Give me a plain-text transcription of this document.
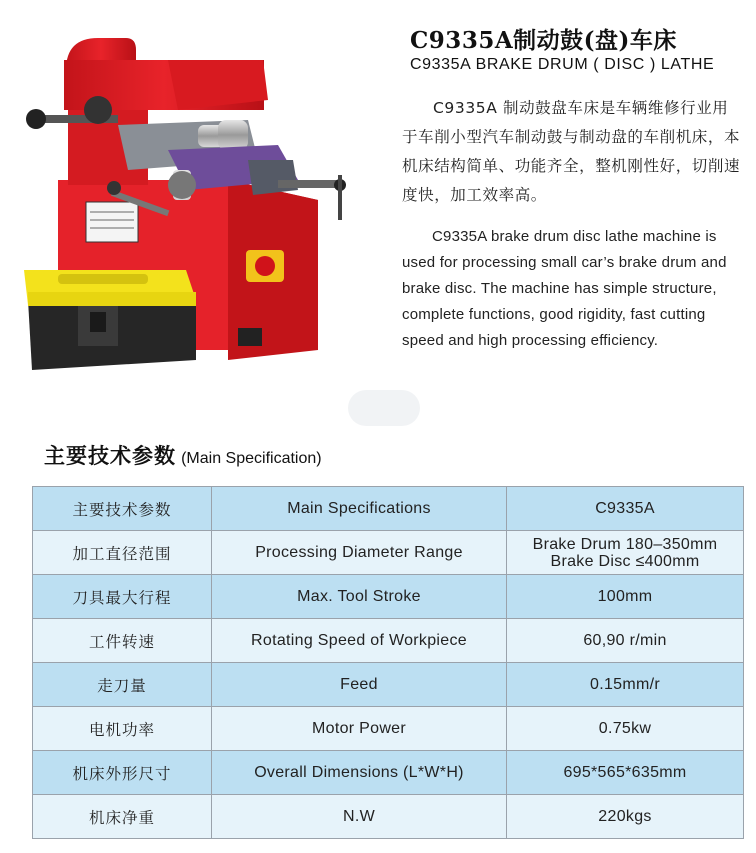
C9335A制动鼓(盘)车床
C9335A BRAKE DRUM ( DISC ) LATHE

C9335A 制动鼓盘车床是车辆维修行业用于车削小型汽车制动鼓与制动盘的车削机床，本机床结构简单、功能齐全，整机刚性好，切削速度快，加工效率高。

C9335A brake drum disc lathe machine is used for processing small car’s brake drum and brake disc. The machine has simple structure, complete functions, good rigidity, fast cutting speed and high processing efficiency.

主要技术参数 (Main Specification)
主要技术参数	Main Specifications	C9335A
加工直径范围	Processing Diameter Range	Brake Drum 180–350mm
Brake Disc ≤400mm

刀具最大行程	Max. Tool Stroke	100mm
工件转速	Rotating Speed of Workpiece	60,90 r/min
走刀量	Feed	0.15mm/r
电机功率	Motor Power	0.75kw
机床外形尺寸	Overall Dimensions (L*W*H)	695*565*635mm
机床净重	N.W	220kgs
